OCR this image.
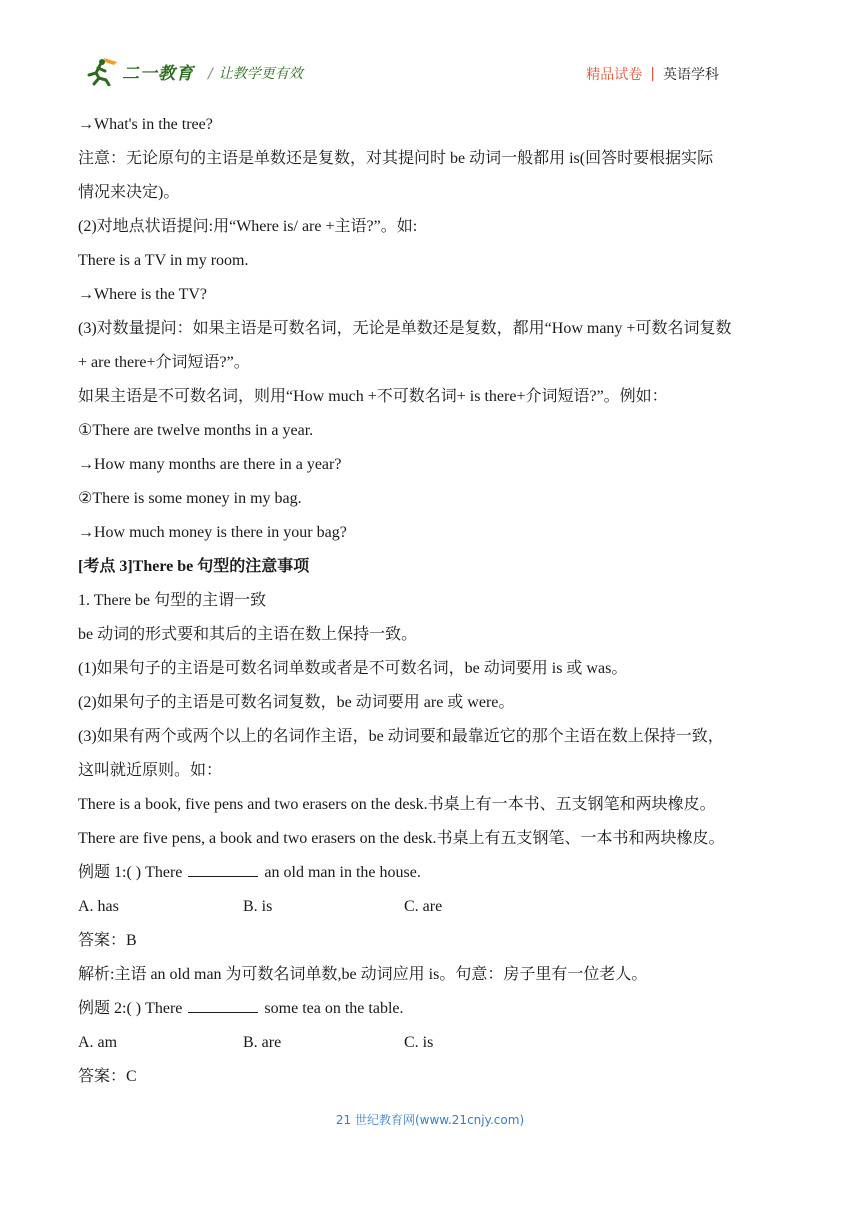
二一教育 / 让教学更有效	精品试卷 | 英语学科
→What's in the tree?
注意：无论原句的主语是单数还是复数，对其提问时 be 动词一般都用 is(回答时要根据实际
情况来决定)。
(2)对地点状语提问:用“Where is/ are +主语?”。如:
There is a TV in my room.
→Where is the TV?
(3)对数量提问：如果主语是可数名词，无论是单数还是复数，都用“How many +可数名词复数
+ are there+介词短语?”。
如果主语是不可数名词，则用“How much +不可数名词+ is there+介词短语?”。例如：
①There are twelve months in a year.
→How many months are there in a year?
②There is some money in my bag.
→How much money is there in your bag?
[考点 3]There be 句型的注意事项
1. There be 句型的主谓一致
be 动词的形式要和其后的主语在数上保持一致。
(1)如果句子的主语是可数名词单数或者是不可数名词，be 动词要用 is 或 was。
(2)如果句子的主语是可数名词复数，be 动词要用 are 或 were。
(3)如果有两个或两个以上的名词作主语，be 动词要和最靠近它的那个主语在数上保持一致，
这叫就近原则。如：
There is a book, five pens and two erasers on the desk.书桌上有一本书、五支钢笔和两块橡皮。
There are five pens, a book and two erasers on the desk.书桌上有五支钢笔、一本书和两块橡皮。
例题 1:( ) There	an old man in the house.
A. has	B. is	C. are
答案：B
解析:主语 an old man 为可数名词单数,be 动词应用 is。句意：房子里有一位老人。
例题 2:( ) There	some tea on the table.
A. am	B. are	C. is
答案：C
21 世纪教育网(www.21cnjy.com)
